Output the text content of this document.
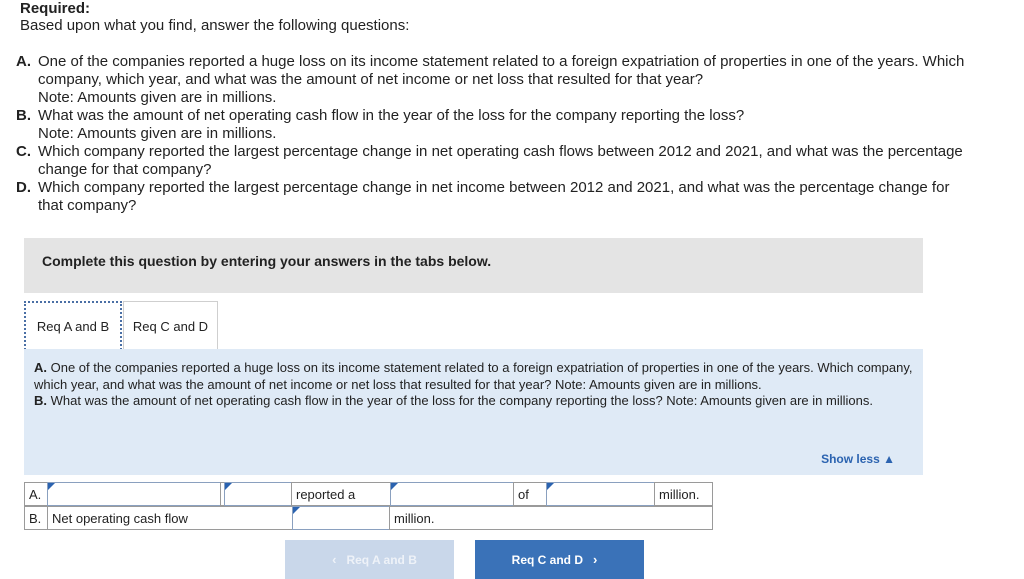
Required:
Based upon what you find, answer the following questions:
A. One of the companies reported a huge loss on its income statement related to a foreign expatriation of properties in one of the years. Which company, which year, and what was the amount of net income or net loss that resulted for that year?
Note: Amounts given are in millions.
B. What was the amount of net operating cash flow in the year of the loss for the company reporting the loss?
Note: Amounts given are in millions.
C. Which company reported the largest percentage change in net operating cash flows between 2012 and 2021, and what was the percentage change for that company?
D. Which company reported the largest percentage change in net income between 2012 and 2021, and what was the percentage change for that company?
Complete this question by entering your answers in the tabs below.
Req A and B	Req C and D
A. One of the companies reported a huge loss on its income statement related to a foreign expatriation of properties in one of the years. Which company, which year, and what was the amount of net income or net loss that resulted for that year? Note: Amounts given are in millions.
B. What was the amount of net operating cash flow in the year of the loss for the company reporting the loss? Note: Amounts given are in millions.
Show less ▲
A.	reported a	of	million.
B. Net operating cash flow	million.
‹ Req A and B	Req C and D ›
